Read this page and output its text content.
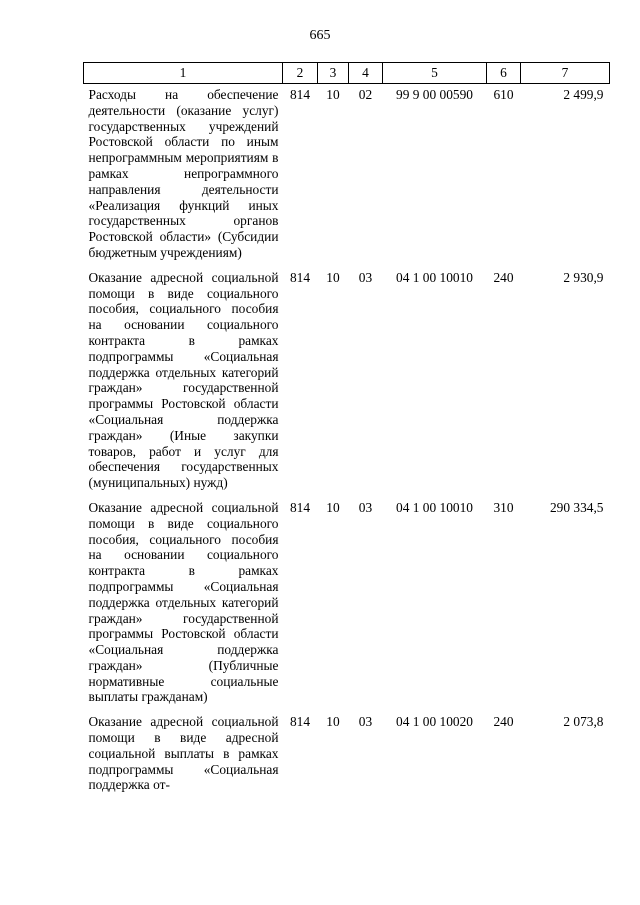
665
1	2	3	4	5	6	7
Расходы на обеспечение деятельности (оказание услуг) государственных учреждений Ростовской области по иным непрограммным мероприятиям в рамках непрограммного направления деятельности «Реализация функций иных государственных органов Ростовской области» (Субсидии бюджетным учреждениям)	814	10	02	99 9 00 00590	610	2 499,9
Оказание адресной социальной помощи в виде социального пособия, социального пособия на основании социального контракта в рамках подпрограммы «Социальная поддержка отдельных категорий граждан» государственной программы Ростовской области «Социальная поддержка граждан» (Иные закупки товаров, работ и услуг для обеспечения государственных (муниципальных) нужд)	814	10	03	04 1 00 10010	240	2 930,9
Оказание адресной социальной помощи в виде социального пособия, социального пособия на основании социального контракта в рамках подпрограммы «Социальная поддержка отдельных категорий граждан» государственной программы Ростовской области «Социальная поддержка граждан» (Публичные нормативные социальные выплаты гражданам)	814	10	03	04 1 00 10010	310	290 334,5
Оказание адресной социальной помощи в виде адресной социальной выплаты в рамках подпрограммы «Социальная поддержка от-	814	10	03	04 1 00 10020	240	2 073,8
